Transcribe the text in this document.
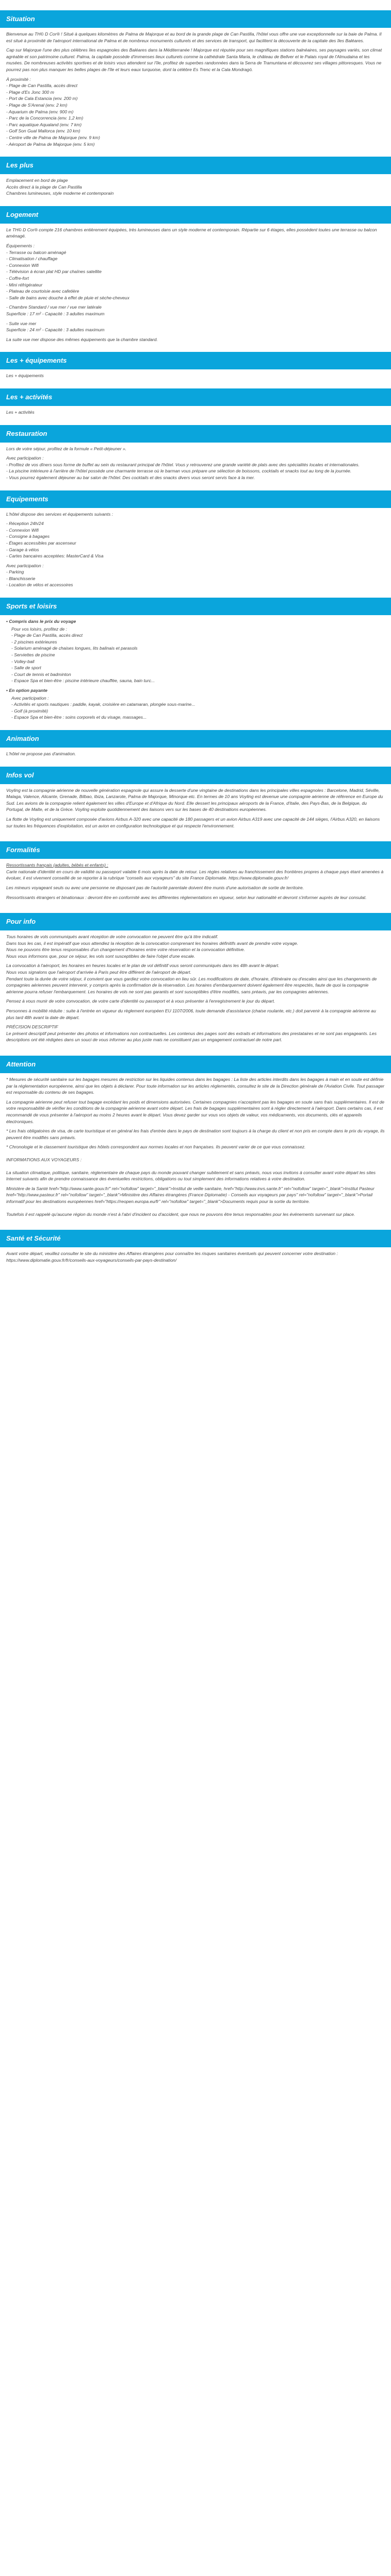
Situation

Bienvenue au TH© D Cor® ! Situé à quelques kilomètres de Palma de Majorque et au bord de la grande plage de Can Pastilla, l'hôtel vous offre une vue exceptionnelle sur la baie de Palma. Il est situé à proximité de l'aéroport international de Palma et de nombreux monuments culturels et des services de transport, qui facilitent la découverte de la capitale des îles Baléares.

Cap sur Majorque l'une des plus célèbres îles espagnoles des Baléares dans la Méditerranée ! Majorque est réputée pour ses magnifiques stations balnéaires, ses paysages variés, son climat agréable et son patrimoine culturel. Palma, la capitale possède d'immenses lieux culturels comme la cathédrale Santa Maria, le château de Bellver et le Palais royal de l'Almudaina et les musées. De nombreuses activités sportives et de loisirs vous attendent sur l'île, profitez de superbes randonnées dans la Serra de Tramuntana et découvrez ses villages pittoresques. Vous ne pourrez pas non plus manquer les belles plages de l'île et leurs eaux turquoise, dont la célèbre Es Trenc et la Cala Mondragó.

À proximité :
- Plage de Can Pastilla, accès direct
- Plage d'Es Jonc 300 m
- Port de Cala Estancia (env. 200 m)
- Plage de S'Arenal (env. 2 km)
- Aquarium de Palma (env. 900 m)
- Parc de la Concorrencia (env. 1,2 km)
- Parc aquatique Aqualand (env. 7 km)
- Golf Son Gual Mallorca (env. 10 km)
- Centre ville de Palma de Majorque (env. 9 km)
- Aéroport de Palma de Majorque (env. 5 km)
Les plus
Emplacement en bord de plage
Accès direct à la plage de Can Pastilla
Chambres lumineuses, style moderne et contemporain
Logement

Le TH© D Cor® compte 216 chambres entièrement équipées, très lumineuses dans un style moderne et contemporain. Répartie sur 6 étages, elles possèdent toutes une terrasse ou balcon aménagé.

Équipements :
- Terrasse ou balcon aménagé
- Climatisation / chauffage
- Connexion Wifi
- Télévision à écran plat HD par chaînes satellite
- Coffre-fort
- Mini réfrigérateur
- Plateau de courtoisie avec cafetière
- Salle de bains avec douche à effet de pluie et sèche-cheveux
- Chambre Standard / vue mer / vue mer latérale
Superficie : 17 m² - Capacité : 3 adultes maximum
- Suite vue mer
Superficie : 24 m² - Capacité : 3 adultes maximum
La suite vue mer dispose des mêmes équipements que la chambre standard.
Les + équipements
Les + équipements
Les + activités
Les + activités
Restauration

Lors de votre séjour, profitez de la formule « Petit-déjeuner ».

Avec participation :
- Profitez de vos dîners sous forme de buffet au sein du restaurant principal de l'hôtel. Vous y retrouverez une grande variété de plats avec des spécialités locales et internationales.
- La piscine intérieure à l'arrière de l'hôtel possède une charmante terrasse où le barman vous prépare une sélection de boissons, cocktails et snacks tout au long de la journée.
- Vous pourrez également déjeuner au bar salon de l'hôtel. Des cocktails et des snacks divers vous seront servis face à la mer.
Equipements

L'hôtel dispose des services et équipements suivants :

- Réception 24h/24
- Connexion Wifi
- Consigne à bagages
- Étages accessibles par ascenseur
- Garage à vélos
- Cartes bancaires acceptées: MasterCard & Visa
Avec participation :
- Parking
- Blanchisserie
- Location de vélos et accessoires
Sports et loisirs
• Compris dans le prix du voyage
Pour vos loisirs, profitez de :
- Plage de Can Pastilla, accès direct
- 2 piscines extérieures
- Solarium aménagé de chaises longues, lits balinais et parasols
- Serviettes de piscine
- Volley-ball
- Salle de sport
- Court de tennis et badminton
- Espace Spa et bien-être : piscine intérieure chauffée, sauna, bain turc...
• En option payante
Avec participation :
- Activités et sports nautiques : paddle, kayak, croisière en catamaran, plongée sous-marine...
- Golf (à proximité)
- Espace Spa et bien-être : soins corporels et du visage, massages...
Animation
L'hôtel ne propose pas d'animation.
Infos vol

Voyling est la compagnie aérienne de nouvelle génération espagnole qui assure la desserte d'une vingtaine de destinations dans les principales villes espagnoles : Barcelone, Madrid, Séville, Malaga, Valence, Alicante, Grenade, Bilbao, Ibiza, Lanzarote, Palma de Majorque, Minorque etc. En termes de 10 ans Voyling est devenue une compagnie aérienne de référence en Europe du Sud. Les avions de la compagnie relient également les villes d'Europe et d'Afrique du Nord. Elle dessert les principaux aéroports de la France, d'Italie, des Pays-Bas, de la Belgique, du Portugal, de Malte, et de la Grèce. Voyling exploite quotidiennement des liaisons vers sur les bases de 40 destinations européennes.

La flotte de Voyling est uniquement composée d'avions Airbus A-320 avec une capacité de 180 passagers et un avion Airbus A319 avec une capacité de 144 sièges, l'Airbus A320, en liaisons sur toutes les fréquences d'exploitation, est un avion en configuration technologique et qui respecte l'environnement.

Formalités
Ressortissants français (adultes, bébés et enfants) :

Carte nationale d'identité en cours de validité ou passeport valable 6 mois après la date de retour. Les règles relatives au franchissement des frontières propres à chaque pays étant amenées à évoluer, il est vivement conseillé de se reporter à la rubrique "conseils aux voyageurs" du site France Diplomatie. https://www.diplomatie.gouv.fr/

Les mineurs voyageant seuls ou avec une personne ne disposant pas de l'autorité parentale doivent être munis d'une autorisation de sortie de territoire.

Ressortissants étrangers et binationaux : devront être en conformité avec les différentes réglementations en vigueur, selon leur nationalité et devront s'informer auprès de leur consulat.

Pour info
Tous horaires de vols communiqués avant réception de votre convocation ne peuvent être qu'à titre indicatif.
Dans tous les cas, il est impératif que vous attendiez la réception de la convocation comprenant les horaires définitifs avant de prendre votre voyage.
Nous ne pouvons être tenus responsables d'un changement d'horaires entre votre réservation et la convocation définitive.
Nous vous informons que, pour ce séjour, les vols sont susceptibles de faire l'objet d'une escale.
La convocation à l'aéroport, les horaires en heures locales et le plan de vol définitif vous seront communiqués dans les 48h avant le départ.
Nous vous signalons que l'aéroport d'arrivée à Paris peut être différent de l'aéroport de départ.

Pendant toute la durée de votre séjour, il convient que vous gardiez votre convocation en lieu sûr. Les modifications de date, d'horaire, d'itinéraire ou d'escales ainsi que les changements de compagnies aériennes peuvent intervenir, y compris après la confirmation de la réservation. Les horaires d'embarquement doivent également être respectés, faute de quoi la compagnie aérienne pourra refuser l'embarquement. Les horaires de vols ne sont pas garantis et sont susceptibles d'être modifiés, sans préavis, par les compagnies aériennes.

Pensez à vous munir de votre convocation, de votre carte d'identité ou passeport et à vous présenter à l'enregistrement le jour du départ.

Personnes à mobilité réduite : suite à l'entrée en vigueur du règlement européen EU 1107/2006, toute demande d'assistance (chaise roulante, etc.) doit parvenir à la compagnie aérienne au plus tard 48h avant la date de départ.

PRÉCISION DESCRIPTIF

Le présent descriptif peut présenter des photos et informations non contractuelles. Les contenus des pages sont des extraits et informations des prestataires et ne sont pas engageants. Les descriptions ont été rédigées dans un souci de vous informer au plus juste mais ne constituent pas un engagement contractuel de notre part.

Attention

* Mesures de sécurité sanitaire sur les bagages mesures de restriction sur les liquides contenus dans les bagages : La liste des articles interdits dans les bagages à main et en soute est définie par la réglementation européenne, ainsi que les objets à déclarer. Pour toute information sur les articles réglementés, consultez le site de la Direction générale de l'Aviation Civile. Tout passager est responsable du contenu de ses bagages.

La compagnie aérienne peut refuser tout bagage excédant les poids et dimensions autorisées. Certaines compagnies n'acceptent pas les bagages en soute sans frais supplémentaires. Il est de votre responsabilité de vérifier les conditions de la compagnie aérienne avant votre départ. Les frais de bagages supplémentaires sont à régler directement à l'aéroport. Dans certains cas, il est recommandé de vous présenter à l'aéroport au moins 2 heures avant le départ. Vous devez garder sur vous vos objets de valeur, vos médicaments, vos documents, clés et appareils électroniques.

* Les frais obligatoires de visa, de carte touristique et en général les frais d'entrée dans le pays de destination sont toujours à la charge du client et non pris en compte dans le prix du voyage, ils peuvent être modifiés sans préavis.

* Chronologie et le classement touristique des hôtels correspondent aux normes locales et non françaises. Ils peuvent varier de ce que vous connaissez.

INFORMATIONS AUX VOYAGEURS :

La situation climatique, politique, sanitaire, réglementaire de chaque pays du monde pouvant changer subitement et sans préavis, nous vous invitons à consulter avant votre départ les sites Internet suivants afin de prendre connaissance des éventuelles restrictions, obligations ou tout simplement des informations relatives à votre destination.

Ministère de la Santé href="http://www.sante.gouv.fr/" rel="nofollow" target="_blank">Institut de veille sanitaire, href="http://www.invs.sante.fr" rel="nofollow" target="_blank">Institut Pasteur href="http://www.pasteur.fr" rel="nofollow" target="_blank">Ministère des Affaires étrangères (France Diplomatie) - Conseils aux voyageurs par pays" rel="nofollow" target="_blank">Portail informatif pour les destinations européennes href="https://reopen.europa.eu/fr" rel="nofollow" target="_blank">Documents requis pour la sortie du territoire.

Toutefois il est rappelé qu'aucune région du monde n'est à l'abri d'incident ou d'accident, que nous ne pouvons être tenus responsables pour les événements survenant sur place.

Santé et Sécurité

Avant votre départ, veuillez consulter le site du ministère des Affaires étrangères pour connaître les risques sanitaires éventuels qui peuvent concerner votre destination : https://www.diplomatie.gouv.fr/fr/conseils-aux-voyageurs/conseils-par-pays-destination/
